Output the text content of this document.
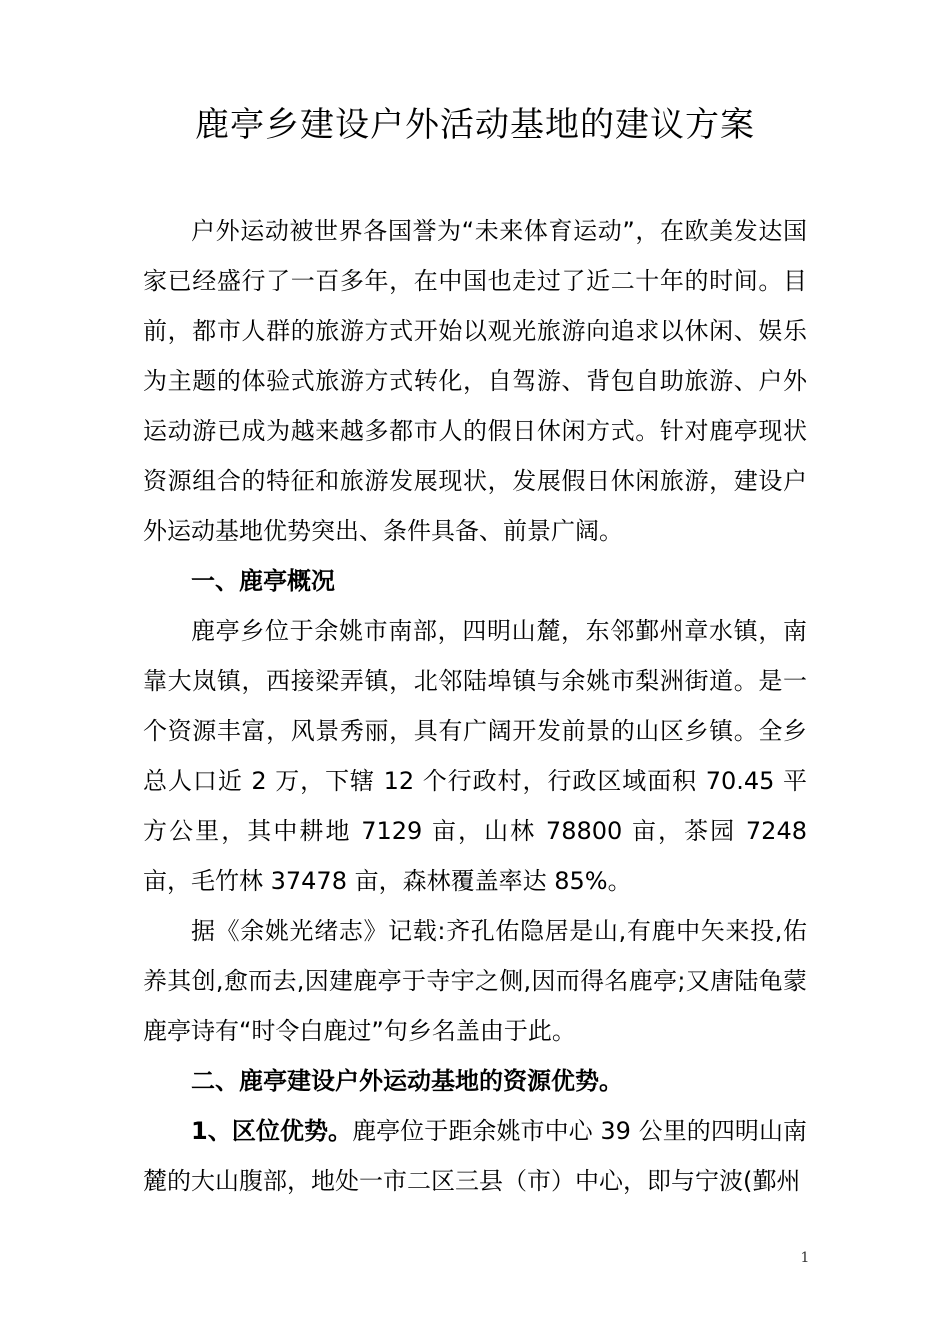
鹿亭乡建设户外活动基地的建议方案

户外运动被世界各国誉为“未来体育运动”，在欧美发达国家已经盛行了一百多年，在中国也走过了近二十年的时间。目前，都市人群的旅游方式开始以观光旅游向追求以休闲、娱乐为主题的体验式旅游方式转化，自驾游、背包自助旅游、户外运动游已成为越来越多都市人的假日休闲方式。针对鹿亭现状资源组合的特征和旅游发展现状，发展假日休闲旅游，建设户外运动基地优势突出、条件具备、前景广阔。

一、鹿亭概况

鹿亭乡位于余姚市南部，四明山麓，东邻鄞州章水镇，南靠大岚镇，西接梁弄镇，北邻陆埠镇与余姚市梨洲街道。是一个资源丰富，风景秀丽，具有广阔开发前景的山区乡镇。全乡总人口近 2 万，下辖 12 个行政村，行政区域面积 70.45 平方公里，其中耕地 7129 亩，山林 78800 亩，茶园 7248 亩，毛竹林 37478 亩，森林覆盖率达 85%。

据《余姚光绪志》记载:齐孔佑隐居是山,有鹿中矢来投,佑养其创,愈而去,因建鹿亭于寺宇之侧,因而得名鹿亭;又唐陆龟蒙鹿亭诗有“时令白鹿过”句乡名盖由于此。

二、鹿亭建设户外运动基地的资源优势。

1、区位优势。鹿亭位于距余姚市中心 39 公里的四明山南麓的大山腹部，地处一市二区三县（市）中心，即与宁波(鄞州

1
